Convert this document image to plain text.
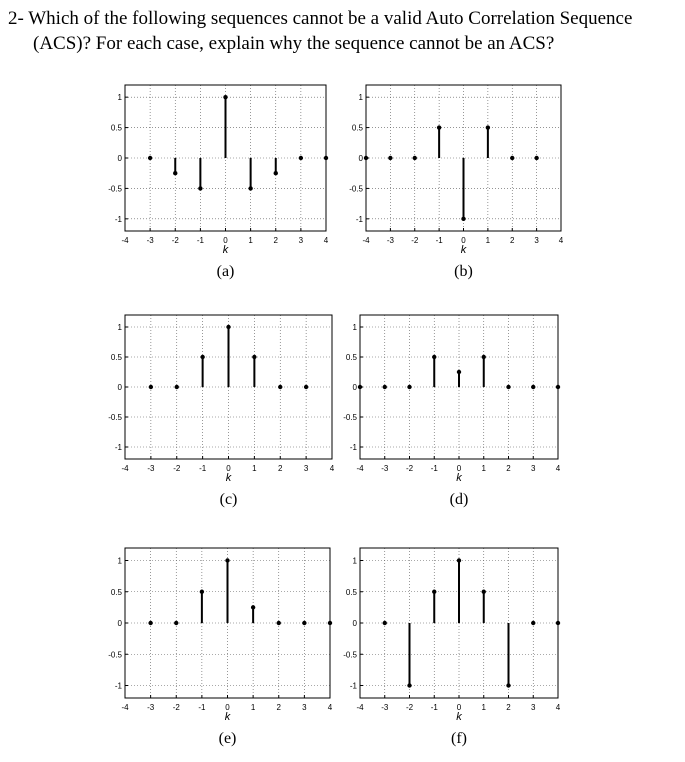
2- Which of the following sequences cannot be a valid Auto Correlation Sequence
(ACS)? For each case, explain why the sequence cannot be an ACS?
1
0.5
0
-0.5
-1
-4 -3 -2 -1 0	1	2	3	4
k
(a)
1
0.5
0
-0.5
-1
-4 -3 -2 -1 0 1 2 3 4
k
(b)
1
0.5
0
-0.5
-1
-4 -3 -2 -1	0	1	2	3	4
k
(c)
1
0.5
0
-0.5
-1
-4 -3 -2 -1 0	1	2	3	4
k
(d)
1
0.5
0
-0.5
-1
-4 -3 -2 -1 0	1	2	3	4
k
(e)
1
0.5
0
-0.5
-1
-4 -3 -2 -1 0	1	2	3	4
k
(f)
